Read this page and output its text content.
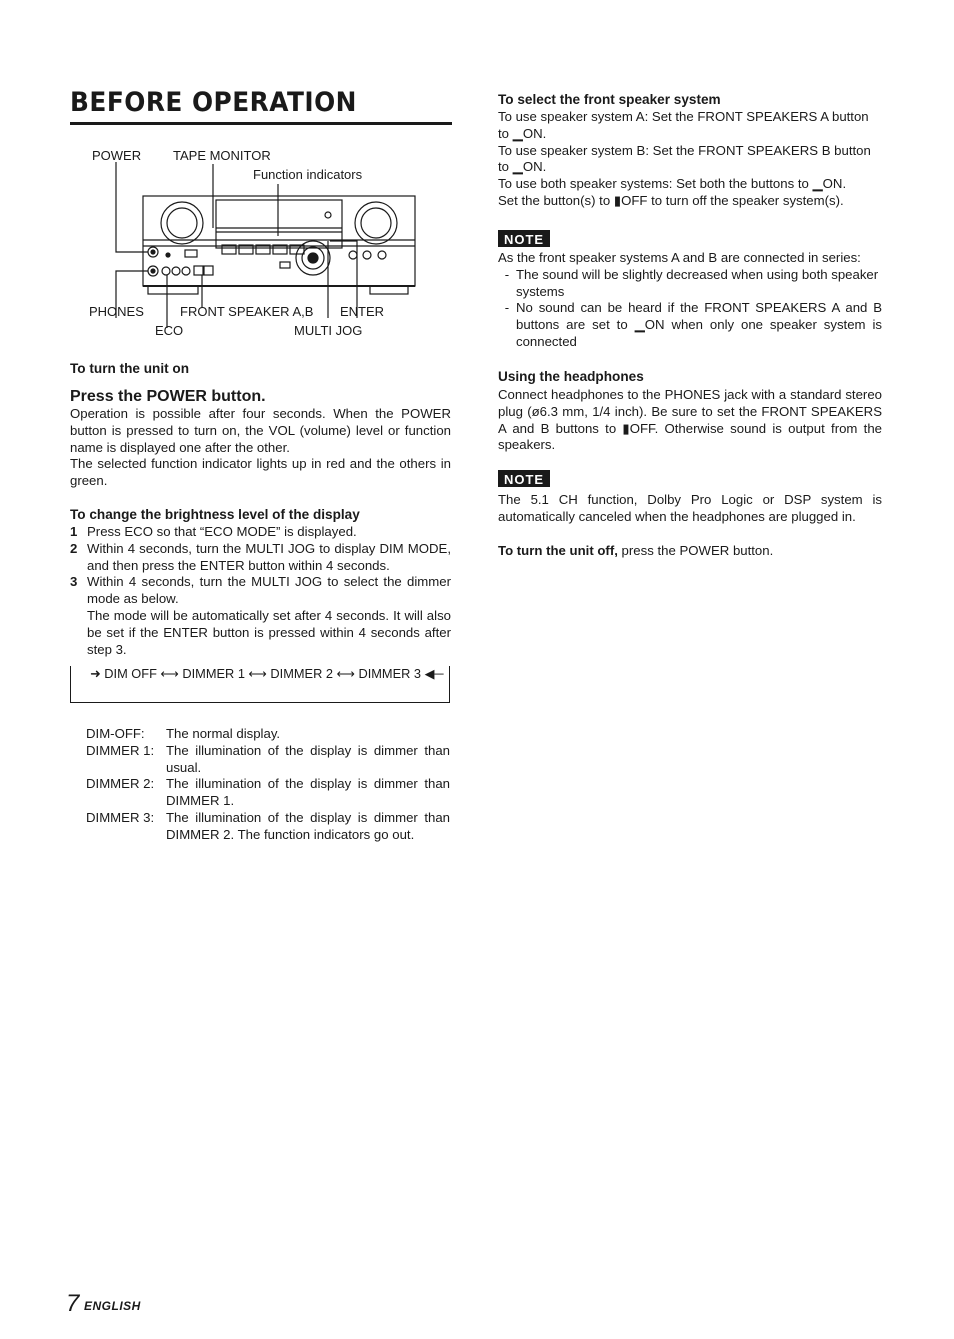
BEFORE OPERATION
POWER TAPE MONITOR
Function indicators
PHONES	FRONT SPEAKER A,B ENTER
ECO	MULTI JOG
To turn the unit on
Press the POWER button.

Operation is possible after four seconds. When the POWER button is pressed to turn on, the VOL (volume) level or function name is displayed one after the other.

The selected function indicator lights up in red and the others in green.

To change the brightness level of the display
1 Press ECO so that “ECO MODE” is displayed.
2 Within 4 seconds, turn the MULTI JOG to display DIM MODE, and then press the ENTER button within 4 seconds.
3 Within 4 seconds, turn the MULTI JOG to select the dimmer mode as below.
The mode will be automatically set after 4 seconds. It will also be set if the ENTER button is pressed within 4 seconds after step 3.
➜ DIM OFF ⟷ DIMMER 1 ⟷ DIMMER 2 ⟷ DIMMER 3 ◀─
DIM-OFF:	The normal display.
DIMMER 1: The illumination of the display is dimmer than usual.
DIMMER 2: The illumination of the display is dimmer than DIMMER 1.
DIMMER 3: The illumination of the display is dimmer than DIMMER 2. The function indicators go out.
To select the front speaker system

To use speaker system A: Set the FRONT SPEAKERS A button

to ▁ON.

To use speaker system B: Set the FRONT SPEAKERS B button

to ▁ON.

To use both speaker systems: Set both the buttons to ▁ON.

Set the button(s) to ▮OFF to turn off the speaker system(s).

NOTE

As the front speaker systems A and B are connected in series:

- The sound will be slightly decreased when using both speaker systems
- No sound can be heard if the FRONT SPEAKERS A and B buttons are set to ▁ON when only one speaker system is connected
Using the headphones
Connect headphones to the PHONES jack with a standard stereo plug (ø6.3 mm, 1/4 inch). Be sure to set the FRONT SPEAKERS A and B buttons to ▮OFF. Otherwise sound is output from the speakers.
NOTE
The 5.1 CH function, Dolby Pro Logic or DSP system is automatically canceled when the headphones are plugged in.
To turn the unit off, press the POWER button.
7 ENGLISH
